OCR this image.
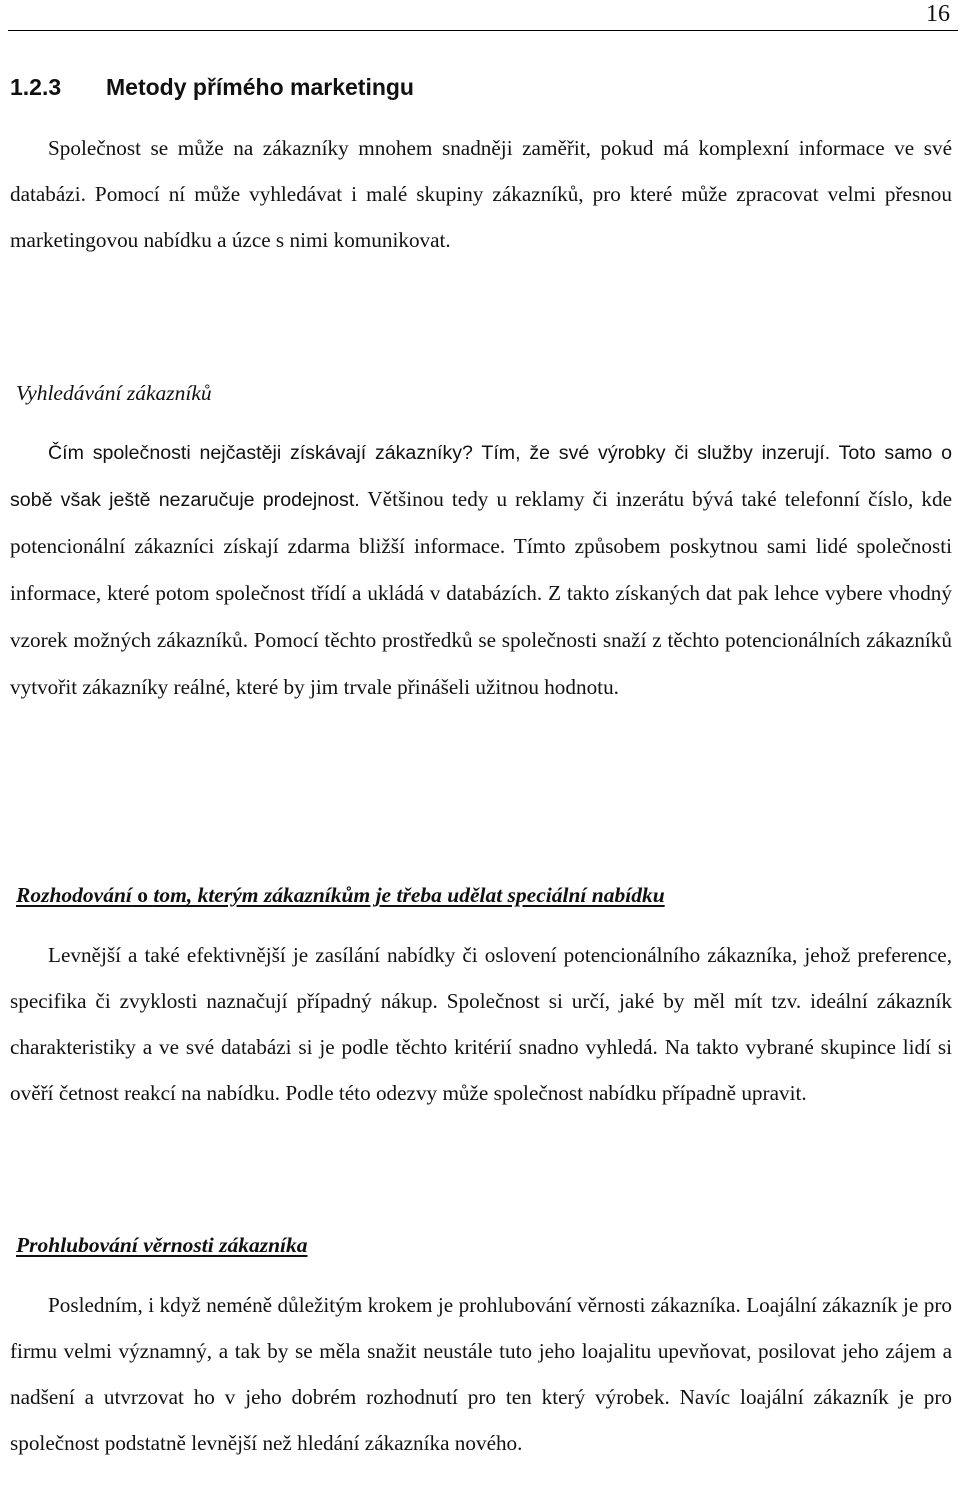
16
1.2.3 Metody přímého marketingu

Společnost se může na zákazníky mnohem snadněji zaměřit, pokud má komplexní informace ve své databázi. Pomocí ní může vyhledávat i malé skupiny zákazníků, pro které může zpracovat velmi přesnou marketingovou nabídku a úzce s nimi komunikovat.

Vyhledávání zákazníků

Čím společnosti nejčastěji získávají zákazníky? Tím, že své výrobky či služby inzerují. Toto samo o sobě však ještě nezaručuje prodejnost. Většinou tedy u reklamy či inzerátu bývá také telefonní číslo, kde potencionální zákazníci získají zdarma bližší informace. Tímto způsobem poskytnou sami lidé společnosti informace, které potom společnost třídí a ukládá v databázích. Z takto získaných dat pak lehce vybere vhodný vzorek možných zákazníků. Pomocí těchto prostředků se společnosti snaží z těchto potencionálních zákazníků vytvořit zákazníky reálné, které by jim trvale přinášeli užitnou hodnotu.

Rozhodování o tom, kterým zákazníkům je třeba udělat speciální nabídku

Levnější a také efektivnější je zasílání nabídky či oslovení potencionálního zákazníka, jehož preference, specifika či zvyklosti naznačují případný nákup. Společnost si určí, jaké by měl mít tzv. ideální zákazník charakteristiky a ve své databázi si je podle těchto kritérií snadno vyhledá. Na takto vybrané skupince lidí si ověří četnost reakcí na nabídku. Podle této odezvy může společnost nabídku případně upravit.

Prohlubování věrnosti zákazníka

Posledním, i když neméně důležitým krokem je prohlubování věrnosti zákazníka. Loajální zákazník je pro firmu velmi významný, a tak by se měla snažit neustále tuto jeho loajalitu upevňovat, posilovat jeho zájem a nadšení a utvrzovat ho v jeho dobrém rozhodnutí pro ten který výrobek. Navíc loajální zákazník je pro společnost podstatně levnější než hledání zákazníka nového.
